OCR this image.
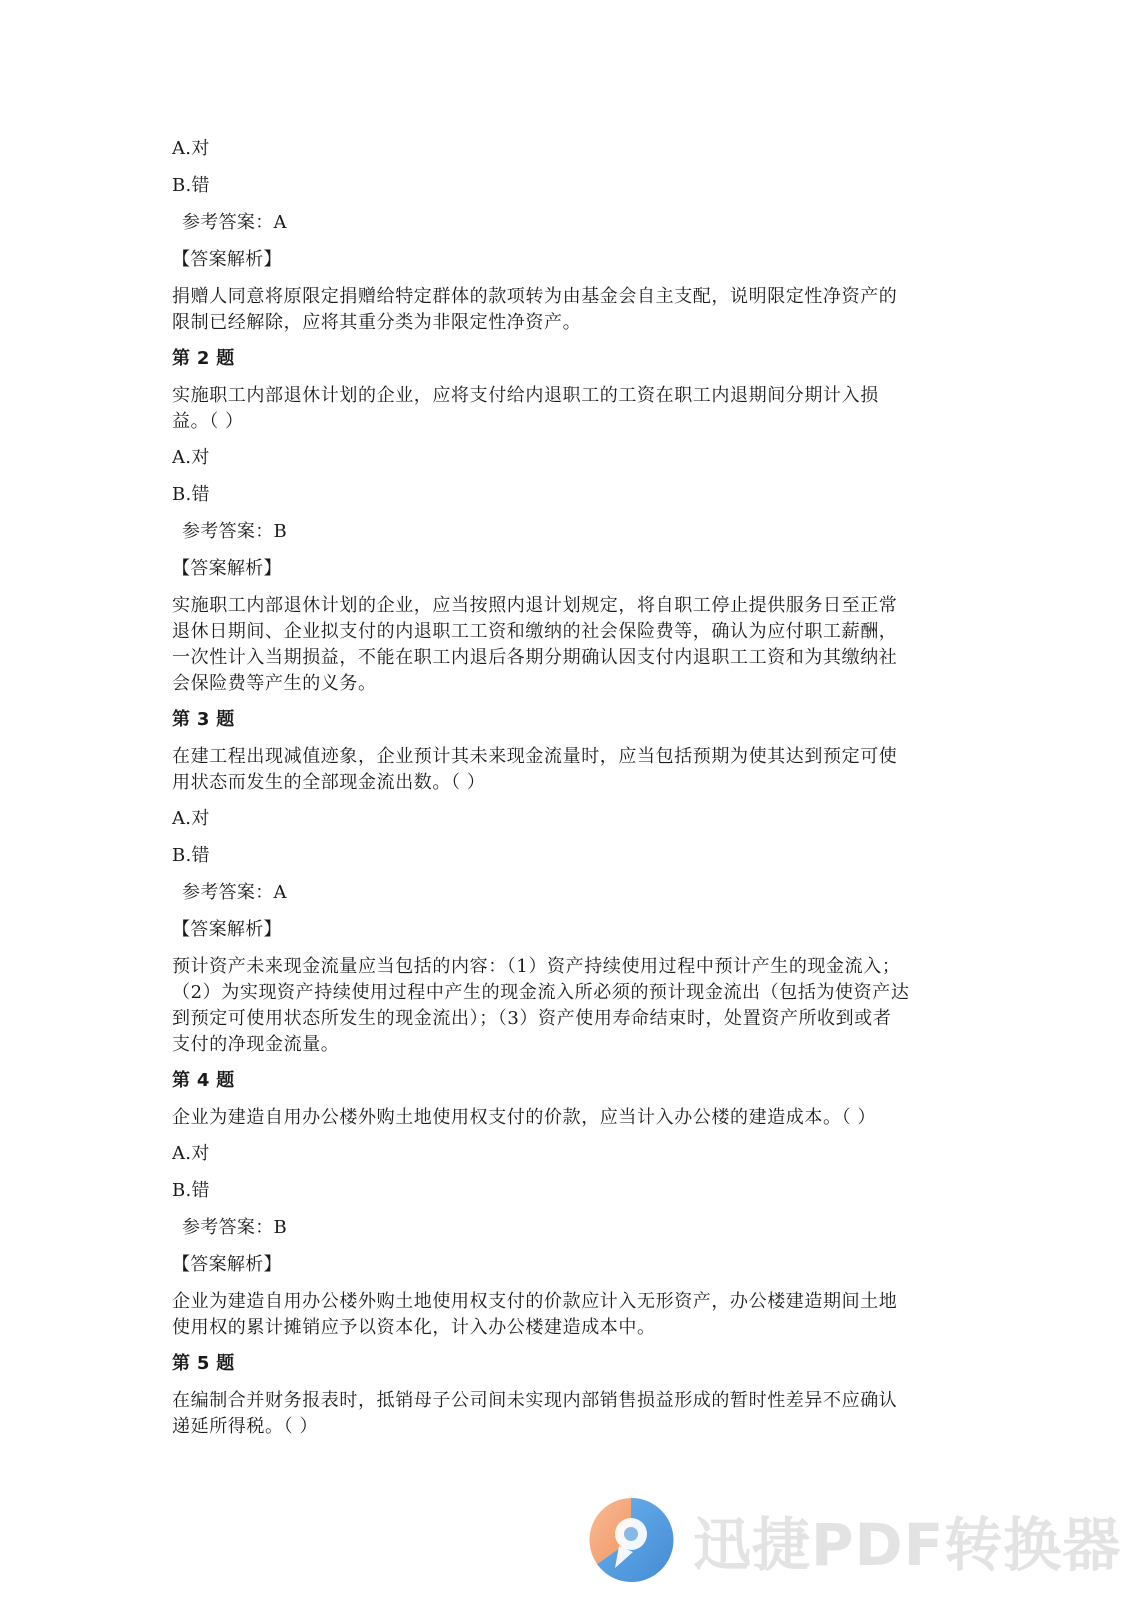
A.对
B.错
参考答案：A
【答案解析】
捐赠人同意将原限定捐赠给特定群体的款项转为由基金会自主支配，说明限定性净资产的
限制已经解除，应将其重分类为非限定性净资产。
第 2 题
实施职工内部退休计划的企业，应将支付给内退职工的工资在职工内退期间分期计入损
益。（ ）
A.对
B.错
参考答案：B
【答案解析】
实施职工内部退休计划的企业，应当按照内退计划规定，将自职工停止提供服务日至正常
退休日期间、企业拟支付的内退职工工资和缴纳的社会保险费等，确认为应付职工薪酬，
一次性计入当期损益，不能在职工内退后各期分期确认因支付内退职工工资和为其缴纳社
会保险费等产生的义务。
第 3 题
在建工程出现减值迹象，企业预计其未来现金流量时，应当包括预期为使其达到预定可使
用状态而发生的全部现金流出数。（ ）
A.对
B.错
参考答案：A
【答案解析】
预计资产未来现金流量应当包括的内容：（1）资产持续使用过程中预计产生的现金流入；
（2）为实现资产持续使用过程中产生的现金流入所必须的预计现金流出（包括为使资产达
到预定可使用状态所发生的现金流出）；（3）资产使用寿命结束时，处置资产所收到或者
支付的净现金流量。
第 4 题
企业为建造自用办公楼外购土地使用权支付的价款，应当计入办公楼的建造成本。（ ）
A.对
B.错
参考答案：B
【答案解析】
企业为建造自用办公楼外购土地使用权支付的价款应计入无形资产，办公楼建造期间土地
使用权的累计摊销应予以资本化，计入办公楼建造成本中。
第 5 题
在编制合并财务报表时，抵销母子公司间未实现内部销售损益形成的暂时性差异不应确认
递延所得税。（ ）
迅捷PDF转换器
